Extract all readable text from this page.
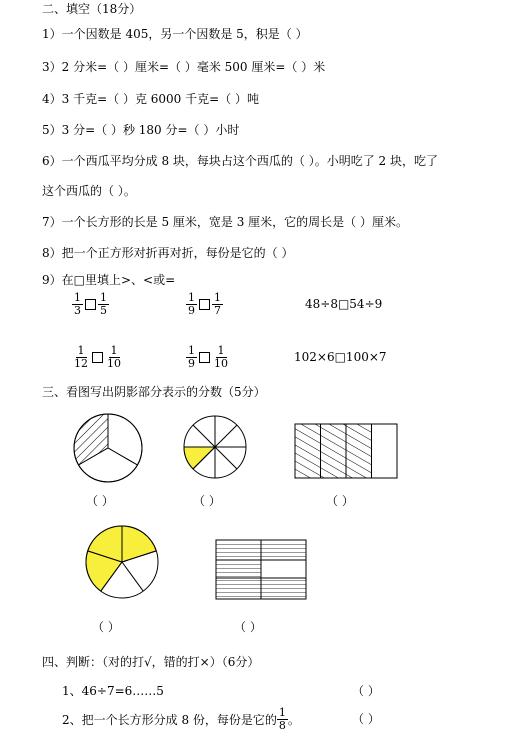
二、填空（18分）
1）一个因数是 405，另一个因数是 5，积是（ ）
3）2 分米=（ ）厘米=（ ）毫米 500 厘米=（ ）米
4）3 千克=（ ）克 6000 千克=（ ）吨
5）3 分=（ ）秒 180 分=（ ）小时
6）一个西瓜平均分成 8 块，每块占这个西瓜的（ ）。小明吃了 2 块，吃了
这个西瓜的（ ）。
7）一个长方形的长是 5 厘米，宽是 3 厘米，它的周长是（ ）厘米。
8）把一个正方形对折再对折，每份是它的（ ）
9）在□里填上>、<或=
$\frac{1}{3} \frac{1}{5}$	$\frac{1}{9} \frac{1}{7}$	48÷8□54÷9
$\frac{1}{12} \frac{1}{10}$	$\frac{1}{9} \frac{1}{10}$	102×6□100×7
三、看图写出阴影部分表示的分数（5分）
（ ）	（ ）	（ ）
（ ）	（ ）
四、判断：（对的打√，错的打×）（6分）
1、46÷7=6……5	（ ）
2、把一个长方形分成 8 份，每份是它的 $\frac{1}{8}$ 。	（ ）
